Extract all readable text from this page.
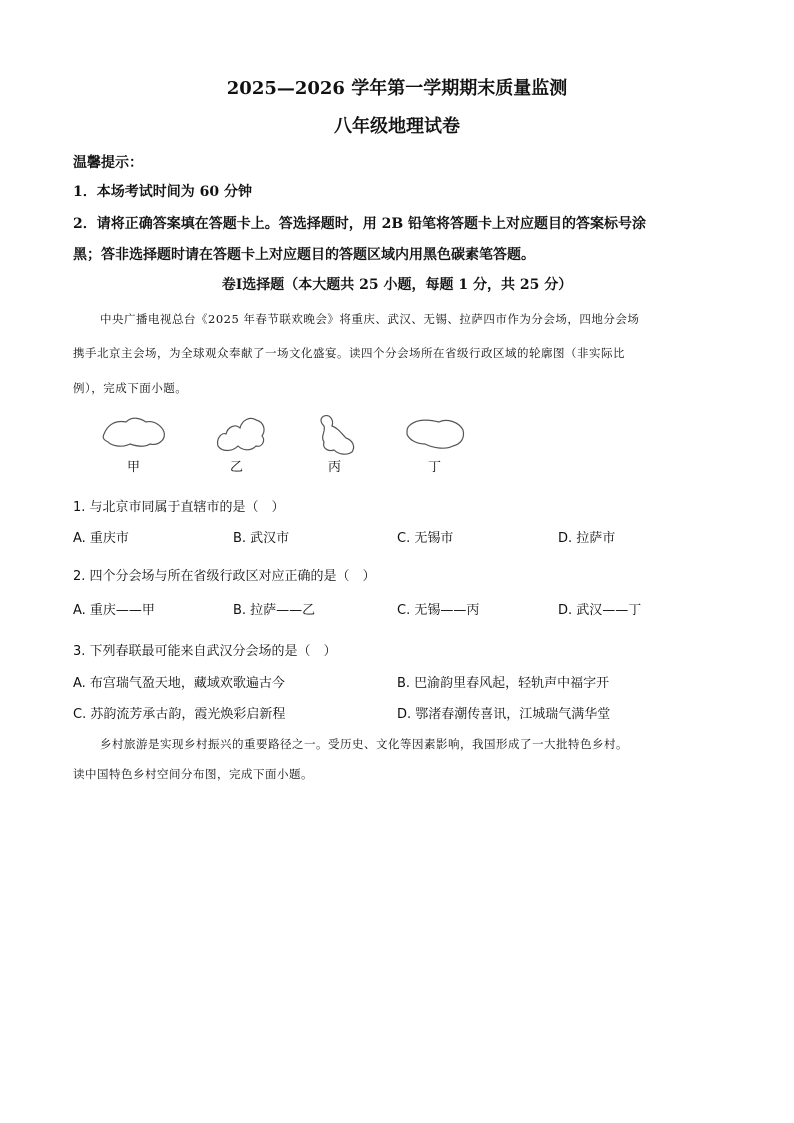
2025—2026 学年第一学期期末质量监测
八年级地理试卷
温馨提示：
1．本场考试时间为 60 分钟
2．请将正确答案填在答题卡上。答选择题时，用 2B 铅笔将答题卡上对应题目的答案标号涂
黑；答非选择题时请在答题卡上对应题目的答题区域内用黑色碳素笔答题。
卷Ⅰ选择题（本大题共 25 小题，每题 1 分，共 25 分）
中央广播电视总台《2025 年春节联欢晚会》将重庆、武汉、无锡、拉萨四市作为分会场，四地分会场
携手北京主会场，为全球观众奉献了一场文化盛宴。读四个分会场所在省级行政区域的轮廓图（非实际比
例），完成下面小题。
甲	乙	丙	丁
1. 与北京市同属于直辖市的是（　）
A. 重庆市	B. 武汉市	C. 无锡市	D. 拉萨市
2. 四个分会场与所在省级行政区对应正确的是（　）
A. 重庆——甲	B. 拉萨——乙	C. 无锡——丙	D. 武汉——丁
3. 下列春联最可能来自武汉分会场的是（　）
A. 布宫瑞气盈天地，藏域欢歌遍古今	B. 巴渝韵里春风起，轻轨声中福字开
C. 苏韵流芳承古韵，霞光焕彩启新程	D. 鄂渚春潮传喜讯，江城瑞气满华堂
乡村旅游是实现乡村振兴的重要路径之一。受历史、文化等因素影响，我国形成了一大批特色乡村。
读中国特色乡村空间分布图，完成下面小题。
